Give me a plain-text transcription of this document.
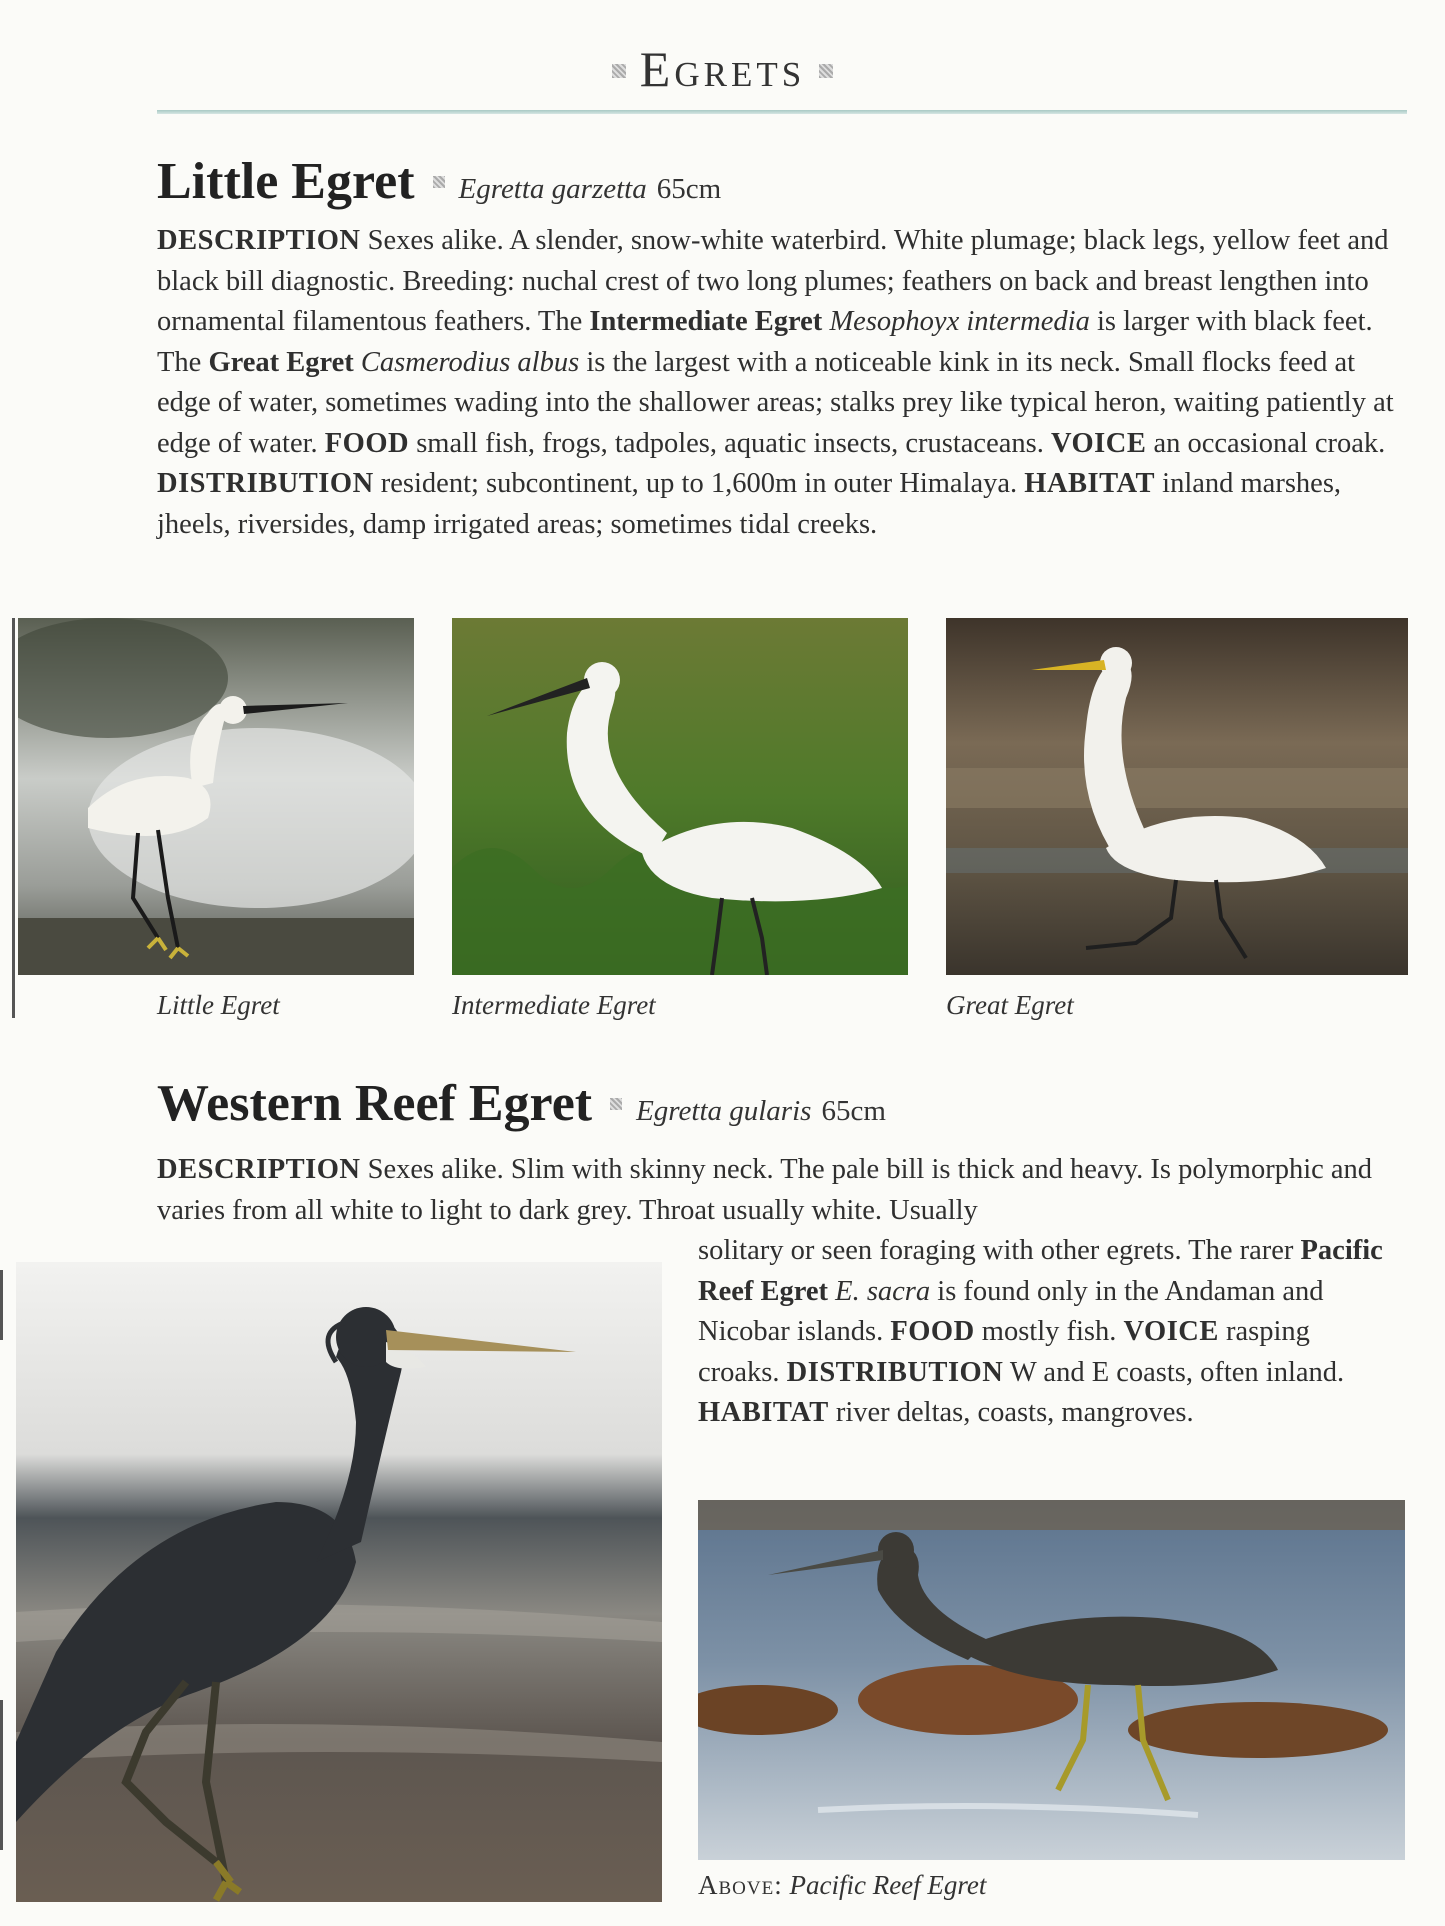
Egrets
Little Egret Egretta garzetta 65cm
DESCRIPTION Sexes alike. A slender, snow-white waterbird. White plumage; black legs, yellow feet and black bill diagnostic. Breeding: nuchal crest of two long plumes; feathers on back and breast lengthen into ornamental filamentous feathers. The Intermediate Egret Mesophoyx intermedia is larger with black feet. The Great Egret Casmerodius albus is the largest with a noticeable kink in its neck. Small flocks feed at edge of water, sometimes wading into the shallower areas; stalks prey like typical heron, waiting patiently at edge of water. FOOD small fish, frogs, tadpoles, aquatic insects, crustaceans. VOICE an occasional croak. DISTRIBUTION resident; subcontinent, up to 1,600m in outer Himalaya. HABITAT inland marshes, jheels, riversides, damp irrigated areas; sometimes tidal creeks.
Little Egret	Intermediate Egret	Great Egret
Western Reef Egret Egretta gularis 65cm
DESCRIPTION Sexes alike. Slim with skinny neck. The pale bill is thick and heavy. Is polymorphic and varies from all white to light to dark grey. Throat usually white. Usually
solitary or seen foraging with other egrets. The rarer Pacific Reef Egret E. sacra is found only in the Andaman and Nicobar islands. FOOD mostly fish. VOICE rasping croaks. DISTRIBUTION W and E coasts, often inland. HABITAT river deltas, coasts, mangroves.
Above: Pacific Reef Egret
